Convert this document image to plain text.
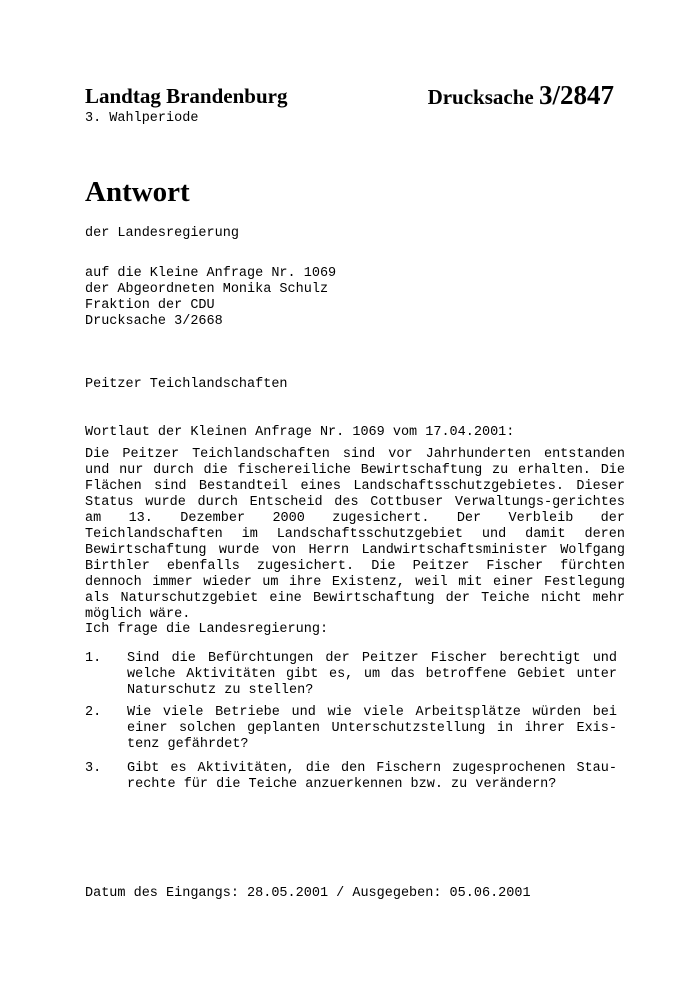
Landtag Brandenburg	Drucksache 3/2847
3. Wahlperiode
Antwort
der Landesregierung
auf die Kleine Anfrage Nr. 1069
der Abgeordneten Monika Schulz
Fraktion der CDU
Drucksache 3/2668
Peitzer Teichlandschaften
Wortlaut der Kleinen Anfrage Nr. 1069 vom 17.04.2001:
Die Peitzer Teichlandschaften sind vor Jahrhunderten entstanden und nur durch die fischereiliche Bewirtschaftung zu erhalten. Die Flächen sind Bestandteil eines Landschaftsschutzgebietes. Dieser Status wurde durch Entscheid des Cottbuser Verwaltungs-gerichtes am 13. Dezember 2000 zugesichert. Der Verbleib der Teichlandschaften im Landschaftsschutzgebiet und damit deren Bewirtschaftung wurde von Herrn Landwirtschaftsminister Wolfgang Birthler ebenfalls zugesichert. Die Peitzer Fischer fürchten dennoch immer wieder um ihre Existenz, weil mit einer Festlegung als Naturschutzgebiet eine Bewirtschaftung der Teiche nicht mehr möglich wäre.
Ich frage die Landesregierung:
1. Sind die Befürchtungen der Peitzer Fischer berechtigt und welche Aktivitäten gibt es, um das betroffene Gebiet unter Naturschutz zu stellen?
2. Wie viele Betriebe und wie viele Arbeitsplätze würden bei einer solchen geplanten Unterschutzstellung in ihrer Exis-tenz gefährdet?
3. Gibt es Aktivitäten, die den Fischern zugesprochenen Stau-rechte für die Teiche anzuerkennen bzw. zu verändern?
Datum des Eingangs: 28.05.2001 / Ausgegeben: 05.06.2001
